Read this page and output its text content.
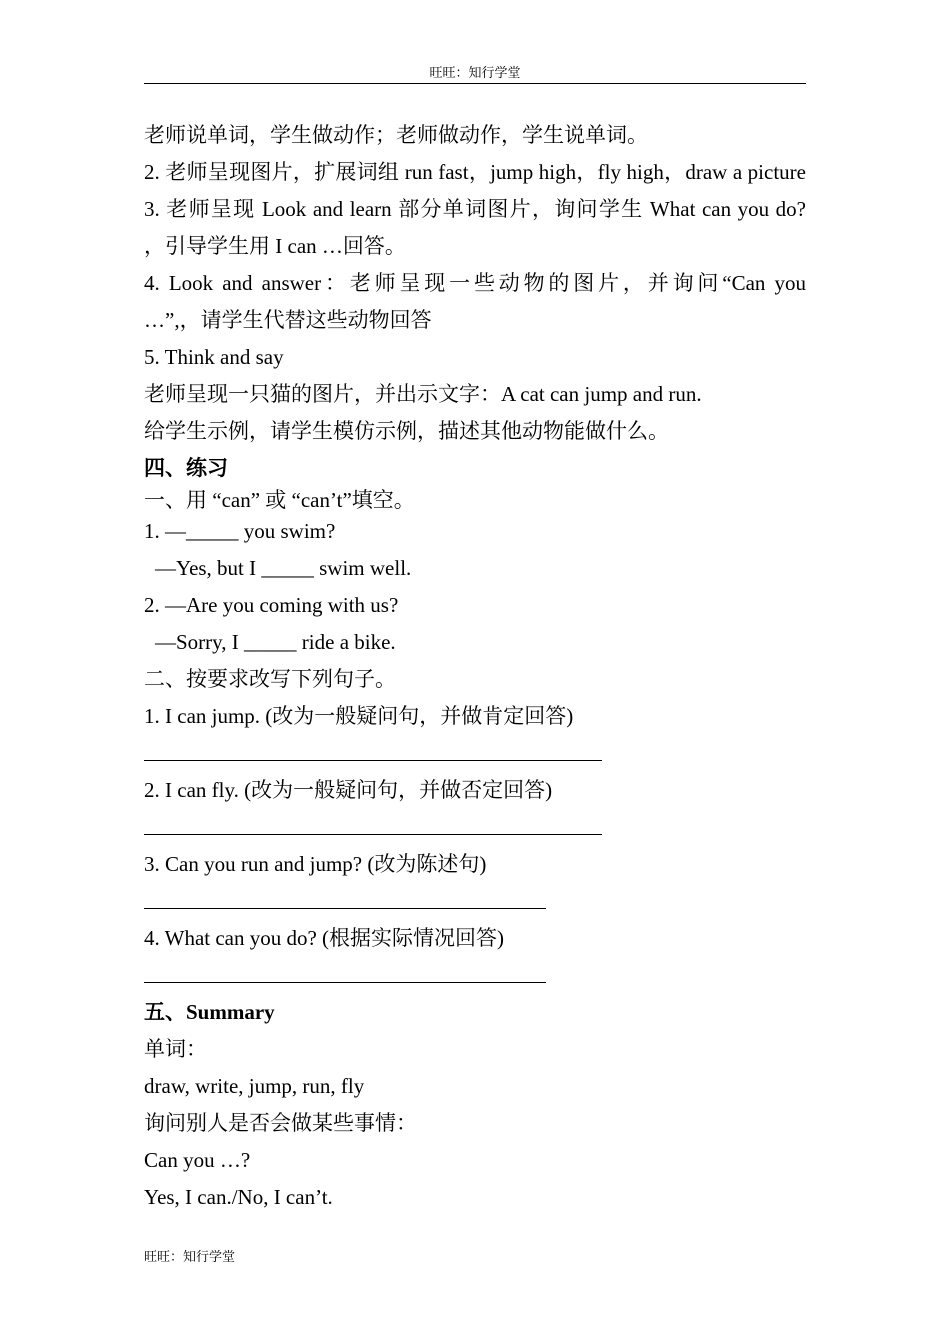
旺旺：知行学堂
老师说单词，学生做动作；老师做动作，学生说单词。
2. 老师呈现图片，扩展词组 run fast，jump high，fly high，draw a picture
3. 老师呈现 Look and learn 部分单词图片，询问学生 What can you do?
，引导学生用 I can …回答。
4. Look and answer：老师呈现一些动物的图片，并询问“Can you
…”,，请学生代替这些动物回答
5. Think and say
老师呈现一只猫的图片，并出示文字：A cat can jump and run.
给学生示例，请学生模仿示例，描述其他动物能做什么。
四、练习
一、用 “can” 或 “can’t”填空。
1. —_____ you swim?
—Yes, but I _____ swim well.
2. —Are you coming with us?
—Sorry, I _____ ride a bike.
二、按要求改写下列句子。
1. I can jump. (改为一般疑问句，并做肯定回答)
2. I can fly. (改为一般疑问句，并做否定回答)
3. Can you run and jump? (改为陈述句)
4. What can you do? (根据实际情况回答)
五、Summary
单词：
draw, write, jump, run, fly
询问别人是否会做某些事情：
Can you …?
Yes, I can./No, I can’t.
旺旺：知行学堂
